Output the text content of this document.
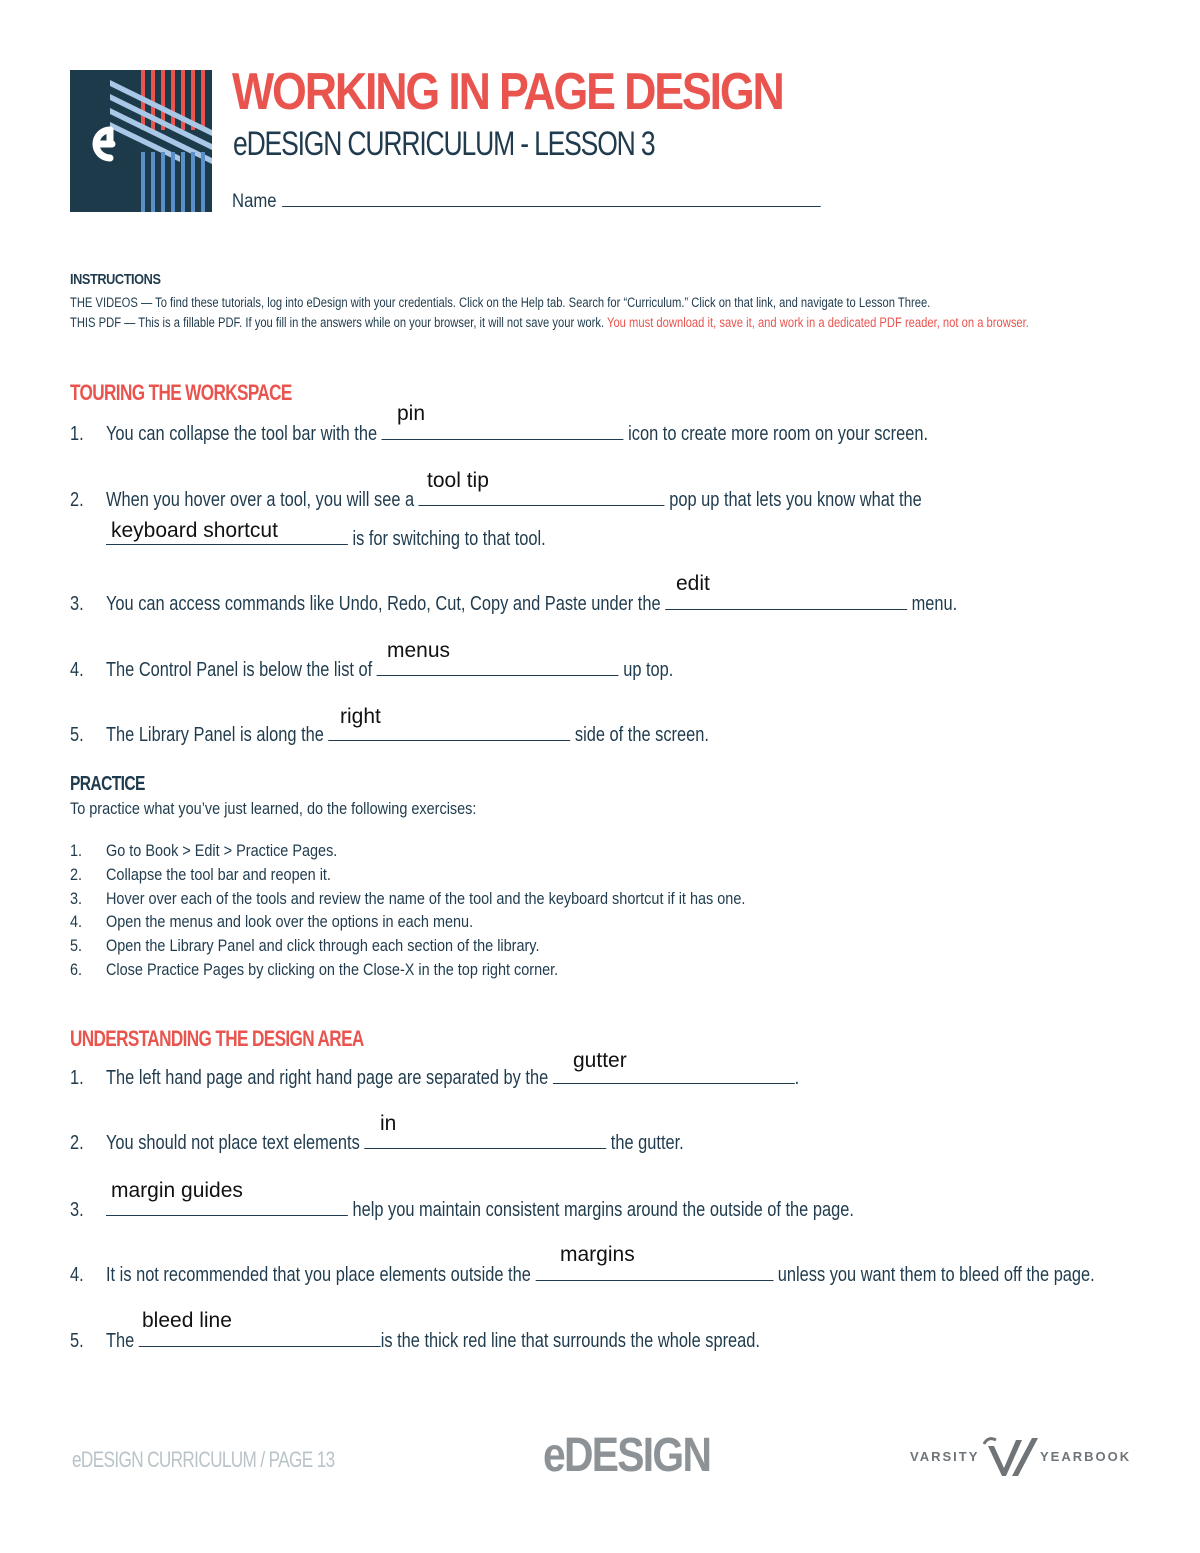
WORKING IN PAGE DESIGN
eDESIGN CURRICULUM - LESSON 3
Name
INSTRUCTIONS
THE VIDEOS — To find these tutorials, log into eDesign with your credentials. Click on the Help tab. Search for “Curriculum.” Click on that link, and navigate to Lesson Three.
THIS PDF — This is a fillable PDF. If you fill in the answers while on your browser, it will not save your work. You must download it, save it, and work in a dedicated PDF reader, not on a browser.
TOURING THE WORKSPACE
1. You can collapse the tool bar with the	icon to create more room on your screen.
pin
2. When you hover over a tool, you will see a	pop up that lets you know what the
tool tip
is for switching to that tool.
keyboard shortcut
3. You can access commands like Undo, Redo, Cut, Copy and Paste under the	menu.
edit
4. The Control Panel is below the list of	up top.
menus
5. The Library Panel is along the	side of the screen.
right
PRACTICE
To practice what you’ve just learned, do the following exercises:
1. Go to Book > Edit > Practice Pages.
2. Collapse the tool bar and reopen it.
3. Hover over each of the tools and review the name of the tool and the keyboard shortcut if it has one.
4. Open the menus and look over the options in each menu.
5. Open the Library Panel and click through each section of the library.
6. Close Practice Pages by clicking on the Close-X in the top right corner.
UNDERSTANDING THE DESIGN AREA
1. The left hand page and right hand page are separated by the	.
gutter
2. You should not place text elements	the gutter.
in
3.	help you maintain consistent margins around the outside of the page.
margin guides
4. It is not recommended that you place elements outside the	unless you want them to bleed off the page.
margins
5. The	is the thick red line that surrounds the whole spread.
bleed line
eDESIGN CURRICULUM / PAGE 13	eDESIGN	VARSITY	YEARBOOK
